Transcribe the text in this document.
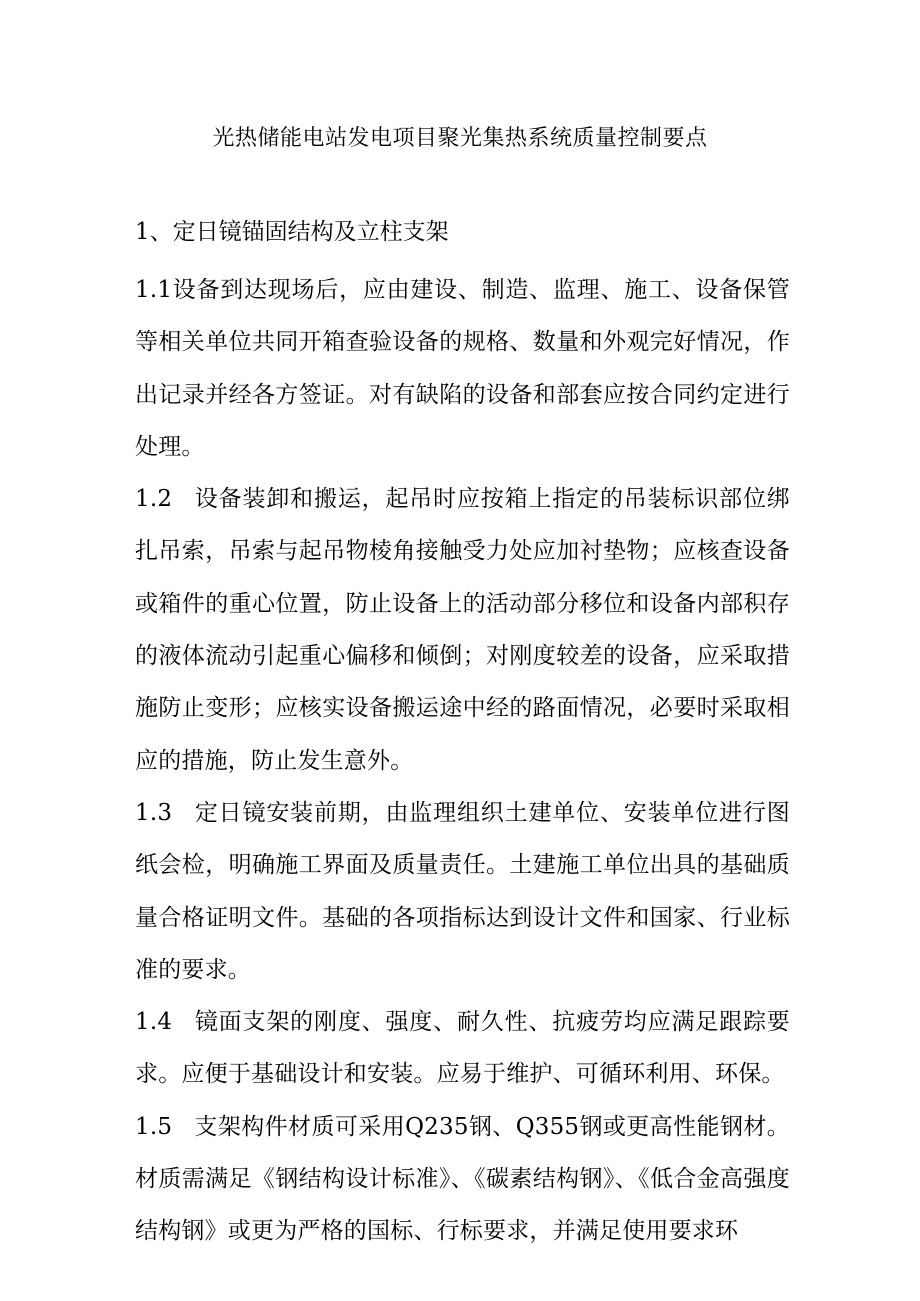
光热储能电站发电项目聚光集热系统质量控制要点
1、定日镜锚固结构及立柱支架

1.1设备到达现场后，应由建设、制造、监理、施工、设备保管等相关单位共同开箱查验设备的规格、数量和外观完好情况，作出记录并经各方签证。对有缺陷的设备和部套应按合同约定进行处理。

1.2 设备装卸和搬运，起吊时应按箱上指定的吊装标识部位绑扎吊索，吊索与起吊物棱角接触受力处应加衬垫物；应核查设备或箱件的重心位置，防止设备上的活动部分移位和设备内部积存的液体流动引起重心偏移和倾倒；对刚度较差的设备，应采取措施防止变形；应核实设备搬运途中经的路面情况，必要时采取相应的措施，防止发生意外。

1.3 定日镜安装前期，由监理组织土建单位、安装单位进行图纸会检，明确施工界面及质量责任。土建施工单位出具的基础质量合格证明文件。基础的各项指标达到设计文件和国家、行业标准的要求。

1.4 镜面支架的刚度、强度、耐久性、抗疲劳均应满足跟踪要求。应便于基础设计和安装。应易于维护、可循环利用、环保。

1.5 支架构件材质可采用Q235钢、Q355钢或更高性能钢材。材质需满足《钢结构设计标准》、《碳素结构钢》、《低合金高强度结构钢》或更为严格的国标、行标要求，并满足使用要求环
